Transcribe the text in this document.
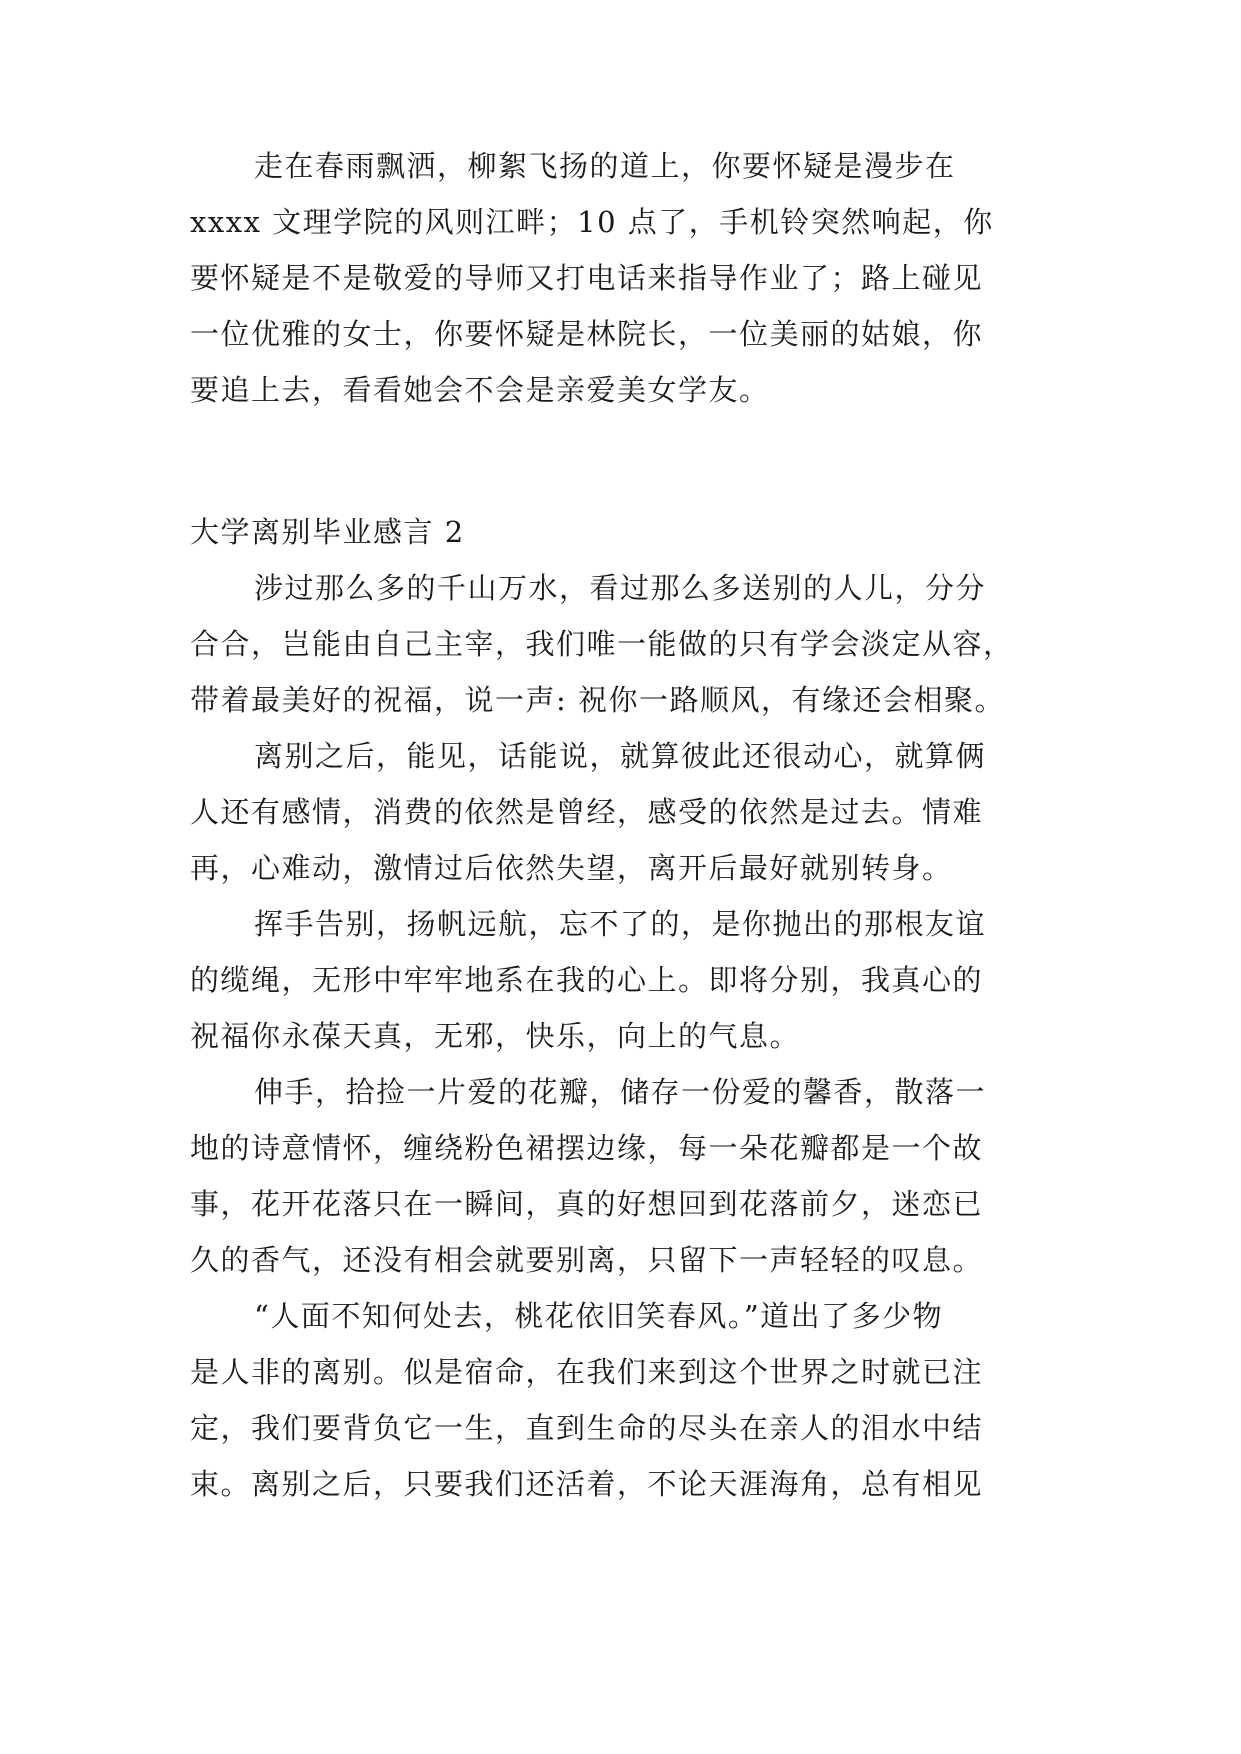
走在春雨飘洒，柳絮飞扬的道上，你要怀疑是漫步在
xxxx 文理学院的风则江畔；10 点了，手机铃突然响起，你
要怀疑是不是敬爱的导师又打电话来指导作业了；路上碰见
一位优雅的女士，你要怀疑是林院长，一位美丽的姑娘，你
要追上去，看看她会不会是亲爱美女学友。
大学离别毕业感言 2
涉过那么多的千山万水，看过那么多送别的人儿，分分
合合，岂能由自己主宰，我们唯一能做的只有学会淡定从容，
带着最美好的祝福，说一声: 祝你一路顺风，有缘还会相聚。
离别之后，能见，话能说，就算彼此还很动心，就算俩
人还有感情，消费的依然是曾经，感受的依然是过去。情难
再，心难动，激情过后依然失望，离开后最好就别转身。
挥手告别，扬帆远航，忘不了的，是你抛出的那根友谊
的缆绳，无形中牢牢地系在我的心上。即将分别，我真心的
祝福你永葆天真，无邪，快乐，向上的气息。
伸手，拾捡一片爱的花瓣，储存一份爱的馨香，散落一
地的诗意情怀，缠绕粉色裙摆边缘，每一朵花瓣都是一个故
事，花开花落只在一瞬间，真的好想回到花落前夕，迷恋已
久的香气，还没有相会就要别离，只留下一声轻轻的叹息。
“人面不知何处去，桃花依旧笑春风。”道出了多少物
是人非的离别。似是宿命，在我们来到这个世界之时就已注
定，我们要背负它一生，直到生命的尽头在亲人的泪水中结
束。离别之后，只要我们还活着，不论天涯海角，总有相见
